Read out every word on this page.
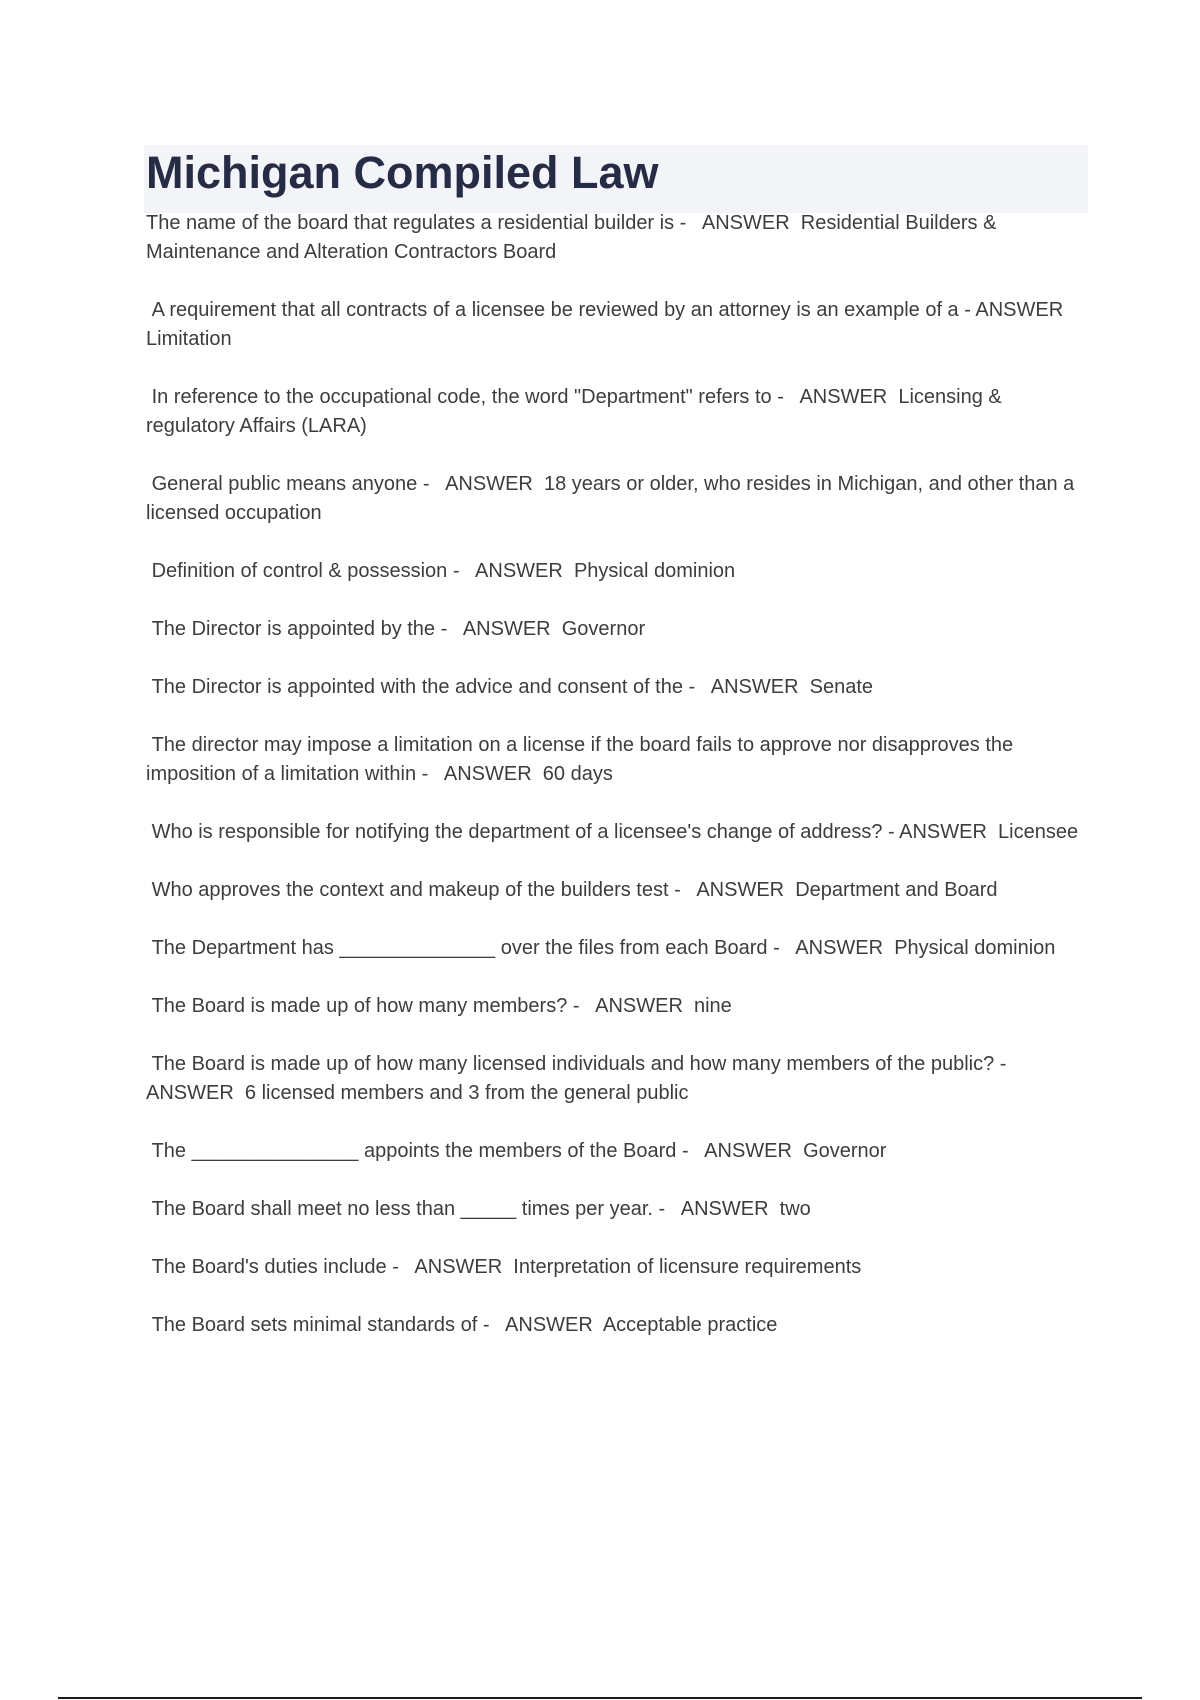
Michigan Compiled Law
The name of the board that regulates a residential builder is -   ANSWER  Residential Builders & Maintenance and Alteration Contractors Board
A requirement that all contracts of a licensee be reviewed by an attorney is an example of a - ANSWER  Limitation
In reference to the occupational code, the word "Department" refers to -   ANSWER  Licensing & regulatory Affairs (LARA)
General public means anyone -   ANSWER  18 years or older, who resides in Michigan, and other than a licensed occupation
Definition of control & possession -   ANSWER  Physical dominion
The Director is appointed by the -   ANSWER  Governor
The Director is appointed with the advice and consent of the -   ANSWER  Senate
The director may impose a limitation on a license if the board fails to approve nor disapproves the imposition of a limitation within -   ANSWER  60 days
Who is responsible for notifying the department of a licensee's change of address? - ANSWER  Licensee
Who approves the context and makeup of the builders test -   ANSWER  Department and Board
The Department has ______________ over the files from each Board -   ANSWER  Physical dominion
The Board is made up of how many members? -   ANSWER  nine
The Board is made up of how many licensed individuals and how many members of the public? -   ANSWER  6 licensed members and 3 from the general public
The _______________ appoints the members of the Board -   ANSWER  Governor
The Board shall meet no less than _____ times per year. -   ANSWER  two
The Board's duties include -   ANSWER  Interpretation of licensure requirements
The Board sets minimal standards of -   ANSWER  Acceptable practice
